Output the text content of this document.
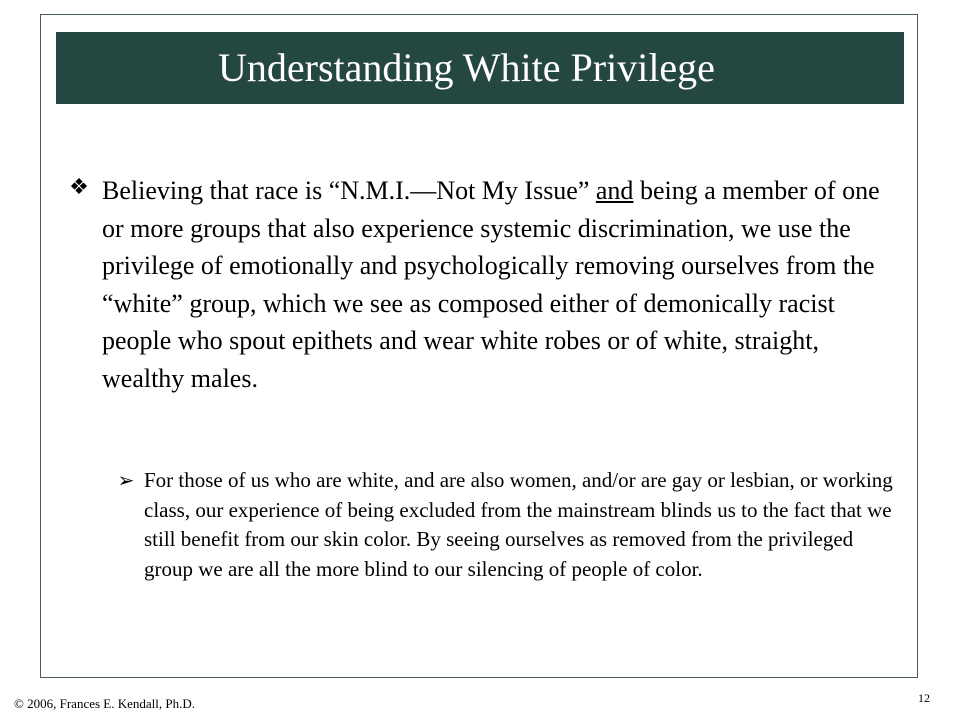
Understanding White Privilege
❖ Believing that race is “N.M.I.—Not My Issue” and being a member of one or more groups that also experience systemic discrimination, we use the privilege of emotionally and psychologically removing ourselves from the “white” group, which we see as composed either of demonically racist people who spout epithets and wear white robes or of white, straight, wealthy males.
➢ For those of us who are white, and are also women, and/or are gay or lesbian, or working class, our experience of being excluded from the mainstream blinds us to the fact that we still benefit from our skin color. By seeing ourselves as removed from the privileged group we are all the more blind to our silencing of people of color.
© 2006, Frances E. Kendall, Ph.D.	12
